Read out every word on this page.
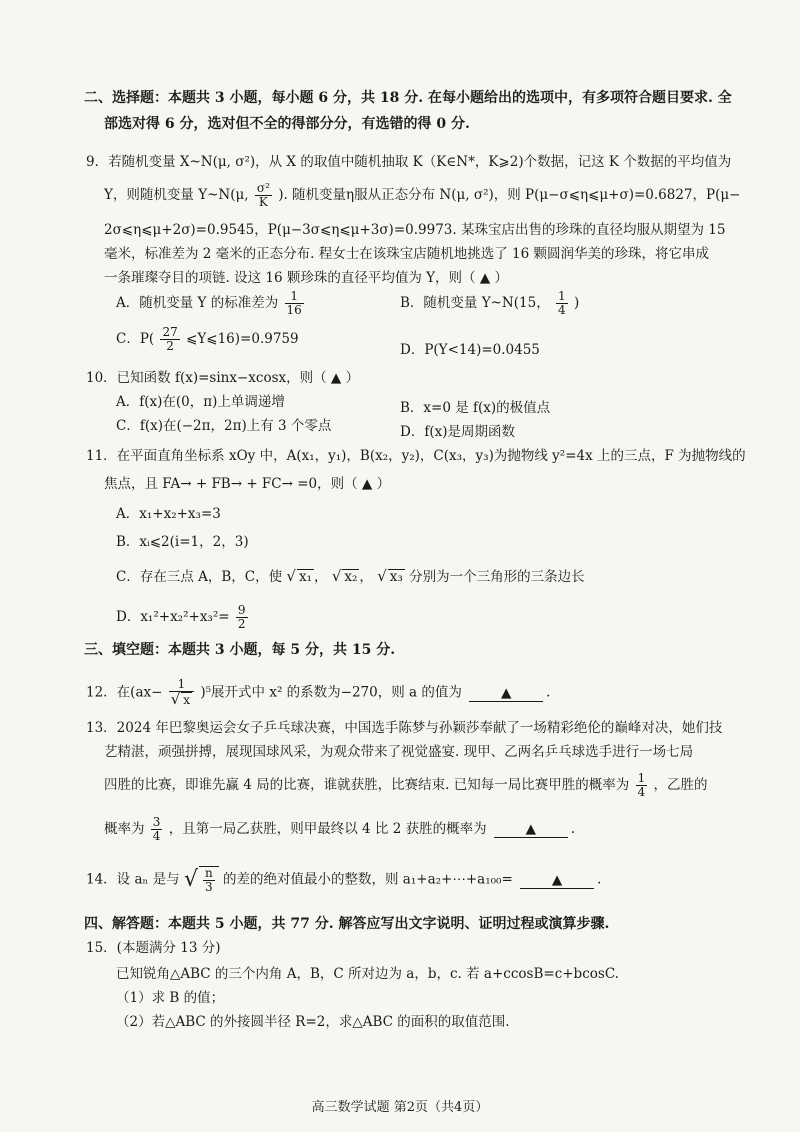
二、选择题：本题共 3 小题，每小题 6 分，共 18 分. 在每小题给出的选项中，有多项符合题目要求. 全
部选对得 6 分，选对但不全的得部分分，有选错的得 0 分.
9．若随机变量 X~N(μ, σ²)，从 X 的取值中随机抽取 K（K∈N*，K⩾2)个数据，记这 K 个数据的平均值为
Y，则随机变量 Y~N(μ, $\frac{\text{σ²}}{K}$ ). 随机变量η服从正态分布 N(μ, σ²)，则 P(μ−σ⩽η⩽μ+σ)=0.6827，P(μ−
2σ⩽η⩽μ+2σ)=0.9545，P(μ−3σ⩽η⩽μ+3σ)=0.9973. 某珠宝店出售的珍珠的直径均服从期望为 15
毫米，标准差为 2 毫米的正态分布. 程女士在该珠宝店随机地挑选了 16 颗圆润华美的珍珠，将它串成
一条璀璨夺目的项链. 设这 16 颗珍珠的直径平均值为 Y，则（ ▲ ）
A．随机变量 Y 的标准差为 $\frac{1}{16}$	B．随机变量 Y~N(15， $\frac{1}{4}$ )
C．$P( \frac{27}{2}$ ⩽Y⩽16)=0.9759
D．P(Y<14)=0.0455
10．已知函数 f(x)=sinx−xcosx，则（ ▲ ）
A．f(x)在(0，π)上单调递增	B．x=0 是 f(x)的极值点
C．f(x)在(−2π，2π)上有 3 个零点	D．f(x)是周期函数
11．在平面直角坐标系 xOy 中，A(x₁，y₁)，B(x₂，y₂)，C(x₃，y₃)为抛物线 y²=4x 上的三点，F 为抛物线的
焦点，且 FA→ + FB→ + FC→ =0，则（ ▲ ）
A．x₁+x₂+x₃=3
B．xᵢ⩽2(i=1，2，3)
C．存在三点 A，B，C，使 √ x₁ ， √ x₂ ， √ x₃ 分别为一个三角形的三条边长
D．$x_1^2+x_2^2+x_3^2= \frac{9}{2}$
三、填空题：本题共 3 小题，每 5 分，共 15 分.
12．在$(ax- \frac{1}{√ x} )^5$展开式中 x² 的系数为−270，则 a 的值为	▲	.
13．2024 年巴黎奥运会女子乒乓球决赛，中国选手陈梦与孙颖莎奉献了一场精彩绝伦的巅峰对决，她们技
艺精湛，顽强拼搏，展现国球风采，为观众带来了视觉盛宴. 现甲、乙两名乒乓球选手进行一场七局
四胜的比赛，即谁先赢 4 局的比赛，谁就获胜，比赛结束. 已知每一局比赛甲胜的概率为 $\frac{1}{4}$ ，乙胜的
概率为 $\frac{3}{4}$ ，且第一局乙获胜，则甲最终以 4 比 2 获胜的概率为	▲	.
14．设 aₙ 是与 √ $\frac{n}{3}$ 的差的绝对值最小的整数，则 a₁+a₂+⋯+a₁₀₀=	▲	.
四、解答题：本题共 5 小题，共 77 分. 解答应写出文字说明、证明过程或演算步骤.
15．(本题满分 13 分)
已知锐角△ABC 的三个内角 A，B，C 所对边为 a，b，c. 若 a+ccosB=c+bcosC.
（1）求 B 的值；
（2）若△ABC 的外接圆半径 R=2，求△ABC 的面积的取值范围.
高三数学试题 第2页（共4页）
